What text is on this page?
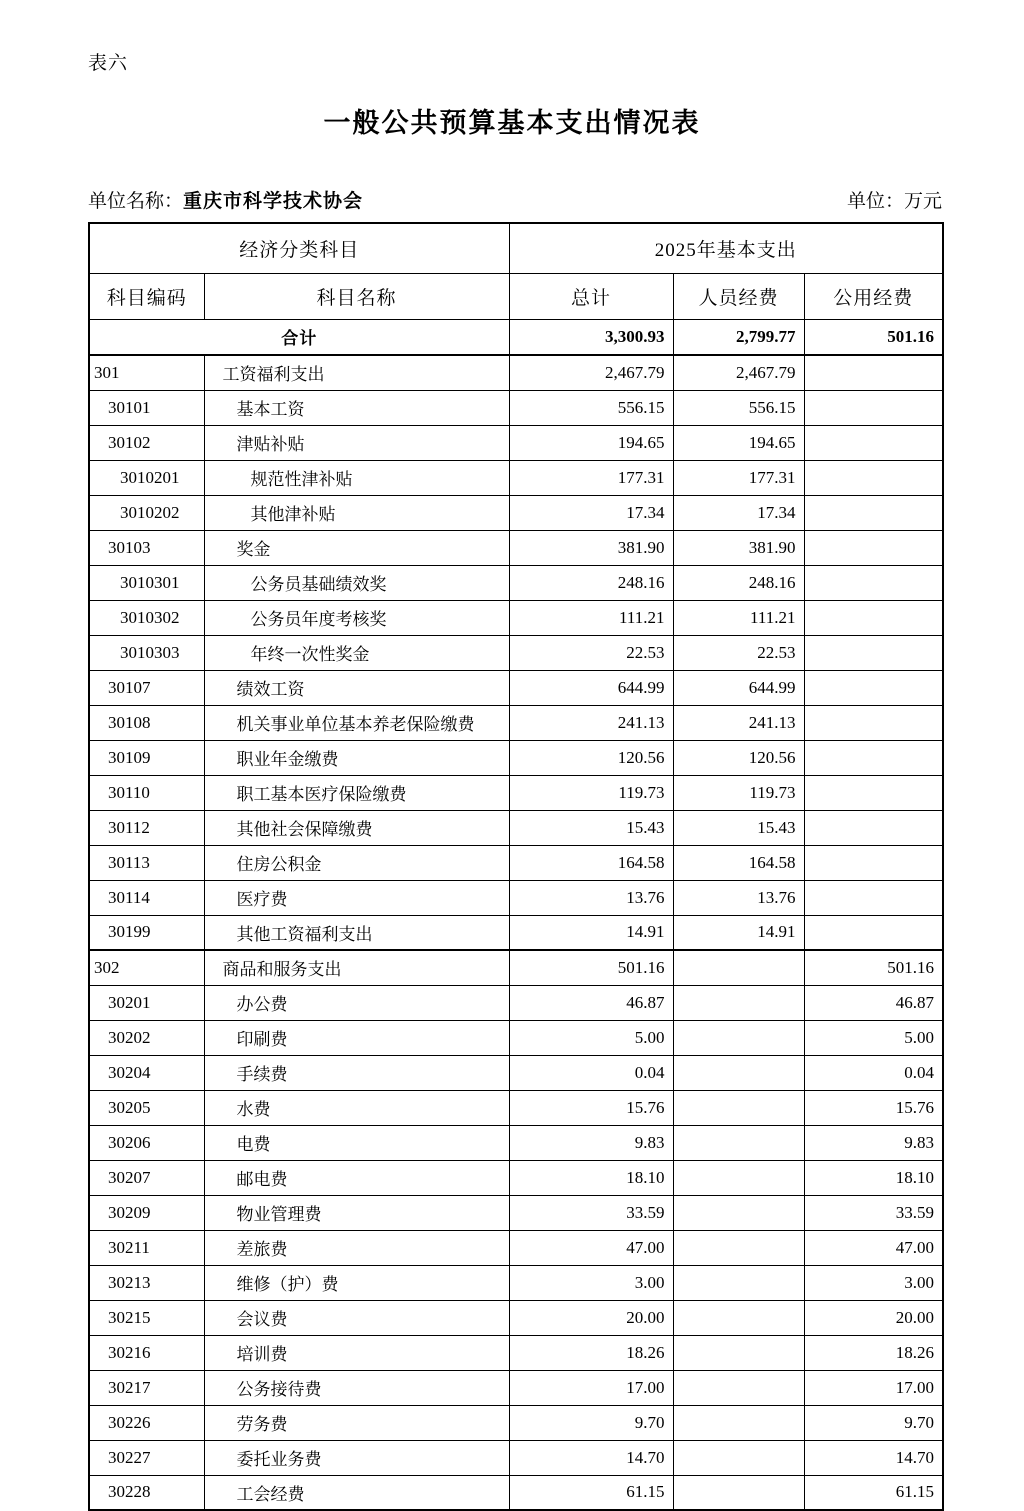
表六
一般公共预算基本支出情况表
单位名称：重庆市科学技术协会	单位：万元
经济分类科目		2025年基本支出		
科目编码	科目名称	总计	人员经费	公用经费
合计		3,300.93	2,799.77	501.16
301	工资福利支出	2,467.79	2,467.79	
30101	基本工资	556.15	556.15	
30102	津贴补贴	194.65	194.65	
3010201	规范性津补贴	177.31	177.31	
3010202	其他津补贴	17.34	17.34	
30103	奖金	381.90	381.90	
3010301	公务员基础绩效奖	248.16	248.16	
3010302	公务员年度考核奖	111.21	111.21	
3010303	年终一次性奖金	22.53	22.53	
30107	绩效工资	644.99	644.99	
30108	机关事业单位基本养老保险缴费	241.13	241.13	
30109	职业年金缴费	120.56	120.56	
30110	职工基本医疗保险缴费	119.73	119.73	
30112	其他社会保障缴费	15.43	15.43	
30113	住房公积金	164.58	164.58	
30114	医疗费	13.76	13.76	
30199	其他工资福利支出	14.91	14.91	
302	商品和服务支出	501.16		501.16
30201	办公费	46.87		46.87
30202	印刷费	5.00		5.00
30204	手续费	0.04		0.04
30205	水费	15.76		15.76
30206	电费	9.83		9.83
30207	邮电费	18.10		18.10
30209	物业管理费	33.59		33.59
30211	差旅费	47.00		47.00
30213	维修（护）费	3.00		3.00
30215	会议费	20.00		20.00
30216	培训费	18.26		18.26
30217	公务接待费	17.00		17.00
30226	劳务费	9.70		9.70
30227	委托业务费	14.70		14.70
30228	工会经费	61.15		61.15
